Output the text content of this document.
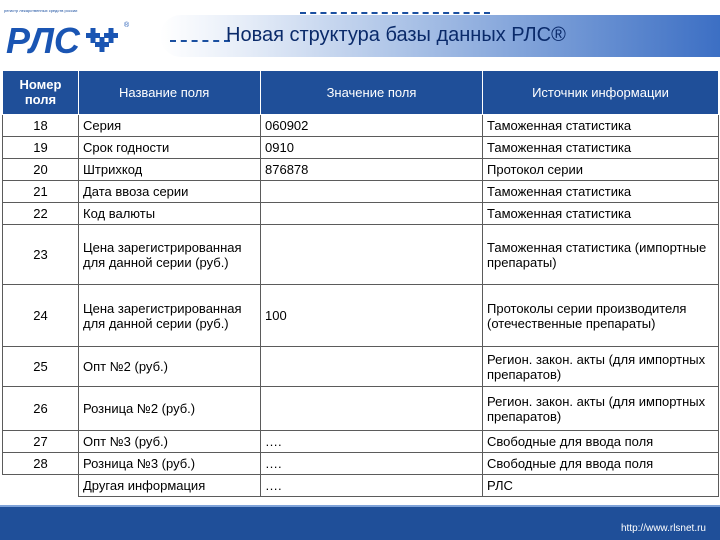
регистр лекарственных средств россии
РЛС	®	Новая структура базы данных РЛС®
Номер поля	Название поля	Значение поля	Источник информации
18	Серия	060902	Таможенная статистика
19	Срок годности	0910	Таможенная статистика
20	Штрихкод	876878	Протокол серии
21	Дата ввоза серии		Таможенная статистика
22	Код валюты		Таможенная статистика
23	Цена зарегистрированная для данной серии (руб.)		Таможенная статистика (импортные препараты)
24	Цена зарегистрированная для данной серии (руб.)	100	Протоколы серии производителя (отечественные препараты)
25	Опт №2 (руб.)		Регион. закон. акты (для импортных препаратов)
26	Розница №2 (руб.)		Регион. закон. акты (для импортных препаратов)
27	Опт №3 (руб.)	….	Свободные для ввода поля
28	Розница №3 (руб.)	….	Свободные для ввода поля
	Другая информация	….	РЛС
http://www.rlsnet.ru
